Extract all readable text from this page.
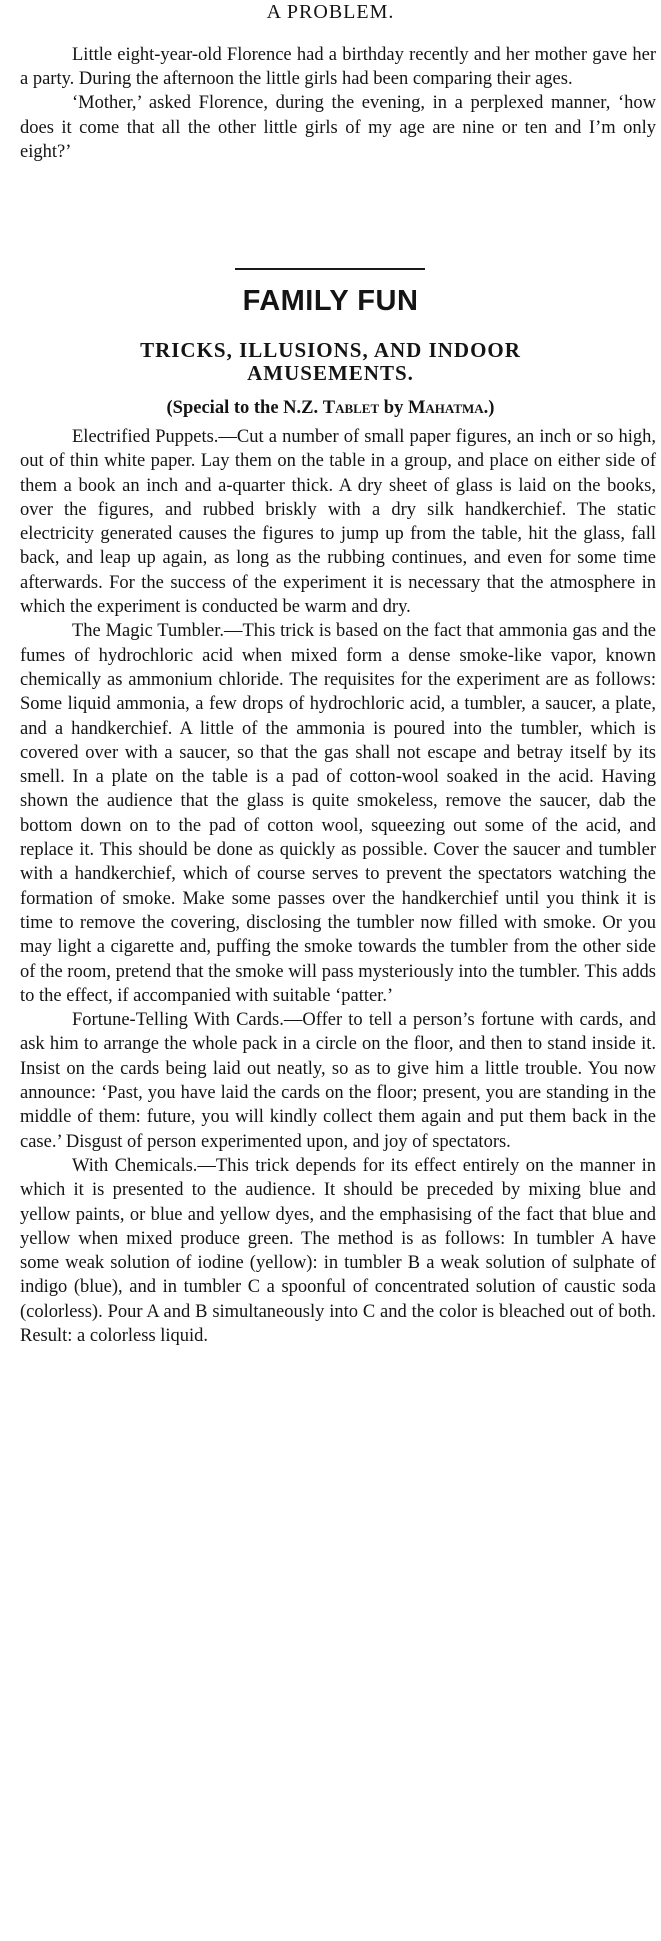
A PROBLEM.

Little eight-year-old Florence had a birthday recently and her mother gave her a party. During the afternoon the little girls had been comparing their ages.

‘Mother,’ asked Florence, during the evening, in a perplexed manner, ‘how does it come that all the other little girls of my age are nine or ten and I’m only eight?’

FAMILY FUN
TRICKS, ILLUSIONS, AND INDOOR AMUSEMENTS.
(Special to the N.Z. Tablet by Mahatma.)

Electrified Puppets.—Cut a number of small paper figures, an inch or so high, out of thin white paper. Lay them on the table in a group, and place on either side of them a book an inch and a-quarter thick. A dry sheet of glass is laid on the books, over the figures, and rubbed briskly with a dry silk handkerchief. The static electricity generated causes the figures to jump up from the table, hit the glass, fall back, and leap up again, as long as the rubbing continues, and even for some time afterwards. For the success of the experiment it is necessary that the atmosphere in which the experiment is conducted be warm and dry.

The Magic Tumbler.—This trick is based on the fact that ammonia gas and the fumes of hydrochloric acid when mixed form a dense smoke-like vapor, known chemically as ammonium chloride. The requisites for the experiment are as follows: Some liquid ammonia, a few drops of hydrochloric acid, a tumbler, a saucer, a plate, and a handkerchief. A little of the ammonia is poured into the tumbler, which is covered over with a saucer, so that the gas shall not escape and betray itself by its smell. In a plate on the table is a pad of cotton-wool soaked in the acid. Having shown the audience that the glass is quite smokeless, remove the saucer, dab the bottom down on to the pad of cotton wool, squeezing out some of the acid, and replace it. This should be done as quickly as possible. Cover the saucer and tumbler with a handkerchief, which of course serves to prevent the spectators watching the formation of smoke. Make some passes over the handkerchief until you think it is time to remove the covering, disclosing the tumbler now filled with smoke. Or you may light a cigarette and, puffing the smoke towards the tumbler from the other side of the room, pretend that the smoke will pass mysteriously into the tumbler. This adds to the effect, if accompanied with suitable ‘patter.’

Fortune-Telling With Cards.—Offer to tell a person’s fortune with cards, and ask him to arrange the whole pack in a circle on the floor, and then to stand inside it. Insist on the cards being laid out neatly, so as to give him a little trouble. You now announce: ‘Past, you have laid the cards on the floor; present, you are standing in the middle of them: future, you will kindly collect them again and put them back in the case.’ Disgust of person experimented upon, and joy of spectators.

With Chemicals.—This trick depends for its effect entirely on the manner in which it is presented to the audience. It should be preceded by mixing blue and yellow paints, or blue and yellow dyes, and the emphasising of the fact that blue and yellow when mixed produce green. The method is as follows: In tumbler A have some weak solution of iodine (yellow): in tumbler B a weak solution of sulphate of indigo (blue), and in tumbler C a spoonful of concentrated solution of caustic soda (colorless). Pour A and B simultaneously into C and the color is bleached out of both. Result: a colorless liquid.
